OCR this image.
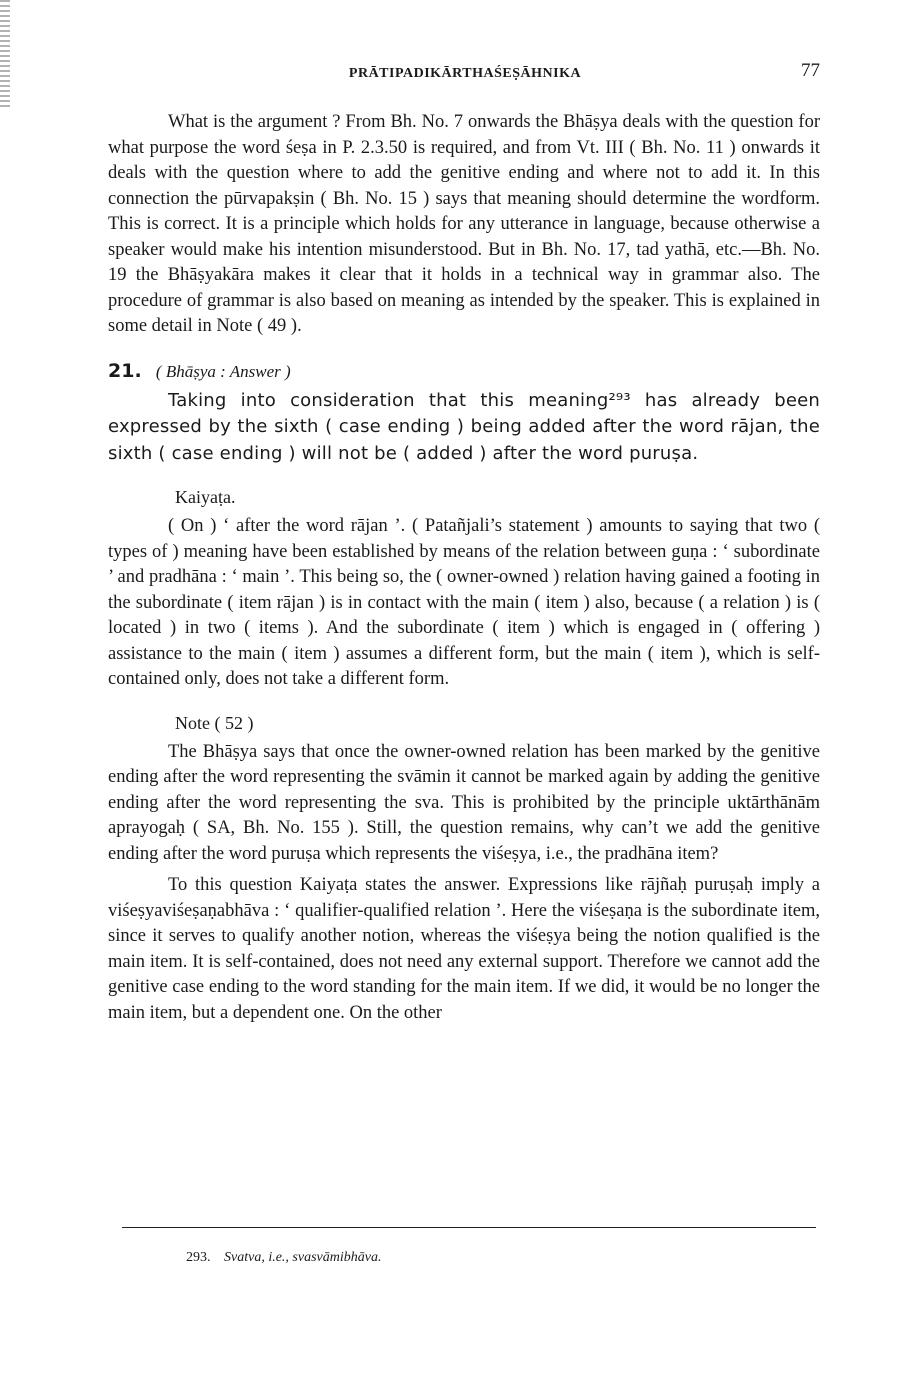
PRĀTIPADIKĀRTHAŚEṢĀHNIKA	77

What is the argument ? From Bh. No. 7 onwards the Bhāṣya deals with the question for what purpose the word śeṣa in P. 2.3.50 is required, and from Vt. III ( Bh. No. 11 ) onwards it deals with the question where to add the genitive ending and where not to add it. In this connection the pūrvapakṣin ( Bh. No. 15 ) says that meaning should determine the wordform. This is correct. It is a principle which holds for any utterance in language, because otherwise a speaker would make his intention misunderstood. But in Bh. No. 17, tad yathā, etc.—Bh. No. 19 the Bhāṣyakāra makes it clear that it holds in a technical way in grammar also. The procedure of grammar is also based on meaning as intended by the speaker. This is explained in some detail in Note ( 49 ).

21. ( Bhāṣya : Answer )

Taking into consideration that this meaning²⁹³ has already been expressed by the sixth ( case ending ) being added after the word rājan, the sixth ( case ending ) will not be ( added ) after the word puruṣa.

Kaiyaṭa.

( On ) ‘ after the word rājan ’. ( Patañjali’s statement ) amounts to saying that two ( types of ) meaning have been established by means of the relation between guṇa : ‘ subordinate ’ and pradhāna : ‘ main ’. This being so, the ( owner-owned ) relation having gained a footing in the subordinate ( item rājan ) is in contact with the main ( item ) also, because ( a relation ) is ( located ) in two ( items ). And the subordinate ( item ) which is engaged in ( offering ) assistance to the main ( item ) assumes a different form, but the main ( item ), which is self-contained only, does not take a different form.

Note ( 52 )

The Bhāṣya says that once the owner-owned relation has been marked by the genitive ending after the word representing the svāmin it cannot be marked again by adding the genitive ending after the word representing the sva. This is prohibited by the principle uktārthānām aprayogaḥ ( SA, Bh. No. 155 ). Still, the question remains, why can’t we add the genitive ending after the word puruṣa which represents the viśeṣya, i.e., the pradhāna item?

To this question Kaiyaṭa states the answer. Expressions like rājñaḥ puruṣaḥ imply a viśeṣyaviśeṣaṇabhāva : ‘ qualifier-qualified relation ’. Here the viśeṣaṇa is the subordinate item, since it serves to qualify another notion, whereas the viśeṣya being the notion qualified is the main item. It is self-contained, does not need any external support. Therefore we cannot add the genitive case ending to the word standing for the main item. If we did, it would be no longer the main item, but a dependent one. On the other

293. Svatva, i.e., svasvāmibhāva.
